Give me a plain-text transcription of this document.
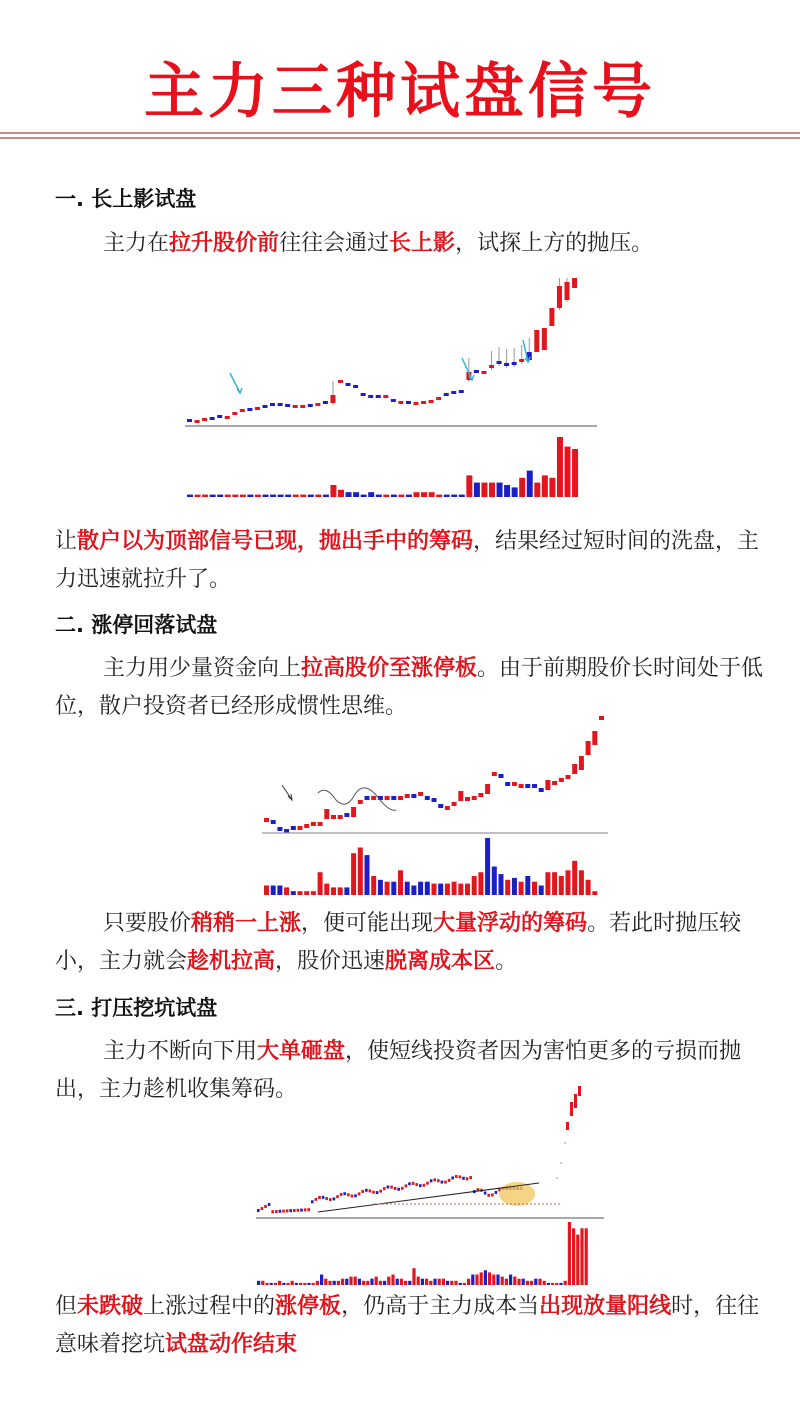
主力三种试盘信号
一. 长上影试盘
主力在拉升股价前往往会通过长上影，试探上方的抛压。
让散户以为顶部信号已现，抛出手中的筹码，结果经过短时间的洗盘，主力迅速就拉升了。
二. 涨停回落试盘
主力用少量资金向上拉高股价至涨停板。由于前期股价长时间处于低位，散户投资者已经形成惯性思维。
只要股价稍稍一上涨，便可能出现大量浮动的筹码。若此时抛压较小，主力就会趁机拉高，股价迅速脱离成本区。
三. 打压挖坑试盘
主力不断向下用大单砸盘，使短线投资者因为害怕更多的亏损而抛出，主力趁机收集筹码。
但未跌破上涨过程中的涨停板，仍高于主力成本当出现放量阳线时，往往意味着挖坑试盘动作结束
